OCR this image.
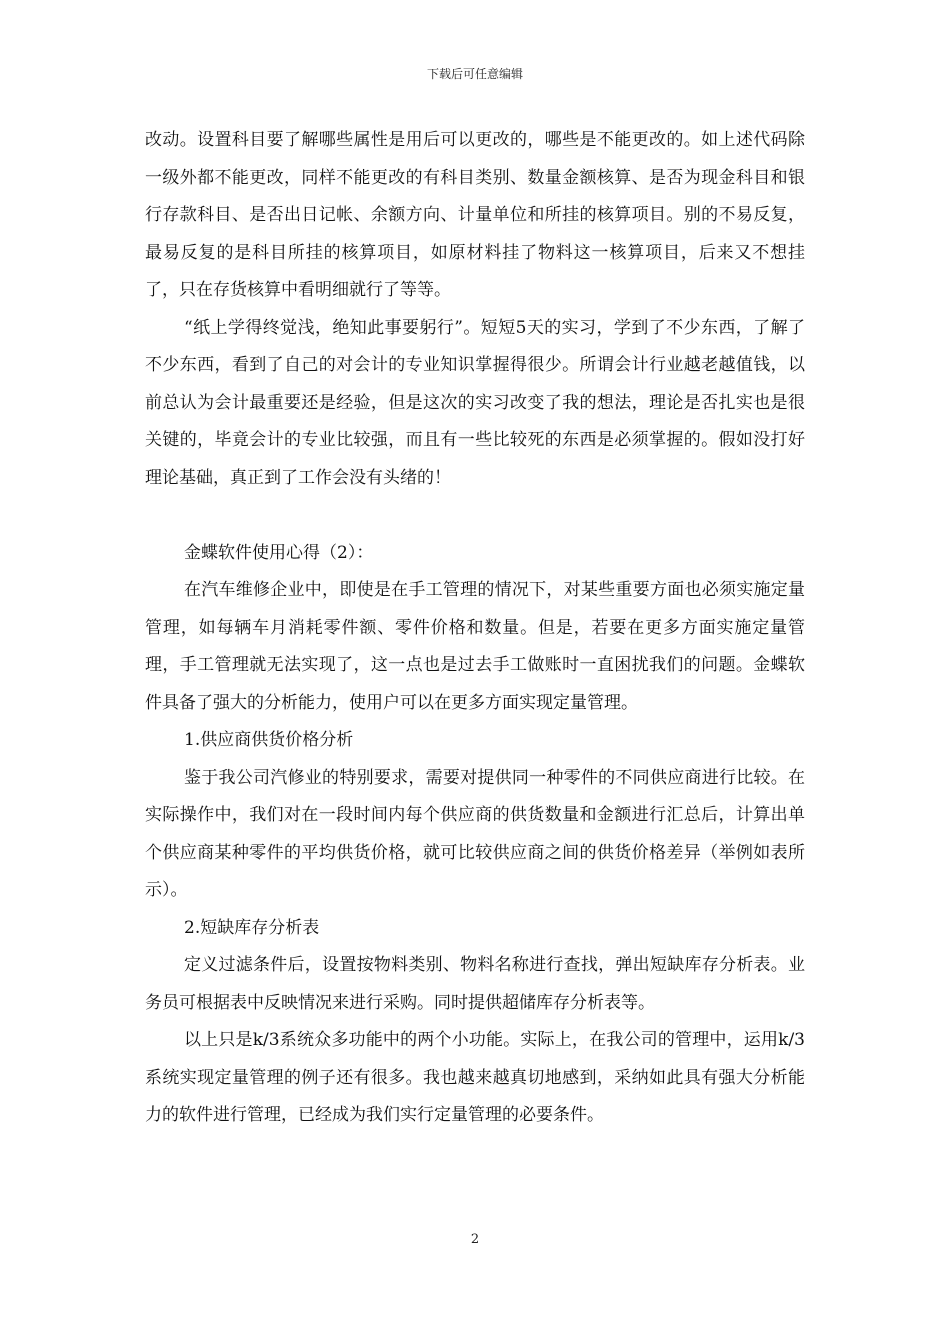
下载后可任意编辑

改动。设置科目要了解哪些属性是用后可以更改的，哪些是不能更改的。如上述代码除一级外都不能更改，同样不能更改的有科目类别、数量金额核算、是否为现金科目和银行存款科目、是否出日记帐、余额方向、计量单位和所挂的核算项目。别的不易反复，最易反复的是科目所挂的核算项目，如原材料挂了物料这一核算项目，后来又不想挂了，只在存货核算中看明细就行了等等。

“纸上学得终觉浅，绝知此事要躬行”。短短5天的实习，学到了不少东西，了解了不少东西，看到了自己的对会计的专业知识掌握得很少。所谓会计行业越老越值钱，以前总认为会计最重要还是经验，但是这次的实习改变了我的想法，理论是否扎实也是很关键的，毕竟会计的专业比较强，而且有一些比较死的东西是必须掌握的。假如没打好理论基础，真正到了工作会没有头绪的！

金蝶软件使用心得（2）：

在汽车维修企业中，即使是在手工管理的情况下，对某些重要方面也必须实施定量管理，如每辆车月消耗零件额、零件价格和数量。但是，若要在更多方面实施定量管理，手工管理就无法实现了，这一点也是过去手工做账时一直困扰我们的问题。金蝶软件具备了强大的分析能力，使用户可以在更多方面实现定量管理。

1.供应商供货价格分析

鉴于我公司汽修业的特别要求，需要对提供同一种零件的不同供应商进行比较。在实际操作中，我们对在一段时间内每个供应商的供货数量和金额进行汇总后，计算出单个供应商某种零件的平均供货价格，就可比较供应商之间的供货价格差异（举例如表所示）。

2.短缺库存分析表

定义过滤条件后，设置按物料类别、物料名称进行查找，弹出短缺库存分析表。业务员可根据表中反映情况来进行采购。同时提供超储库存分析表等。

以上只是k/3系统众多功能中的两个小功能。实际上，在我公司的管理中，运用k/3系统实现定量管理的例子还有很多。我也越来越真切地感到，采纳如此具有强大分析能力的软件进行管理，已经成为我们实行定量管理的必要条件。

2
